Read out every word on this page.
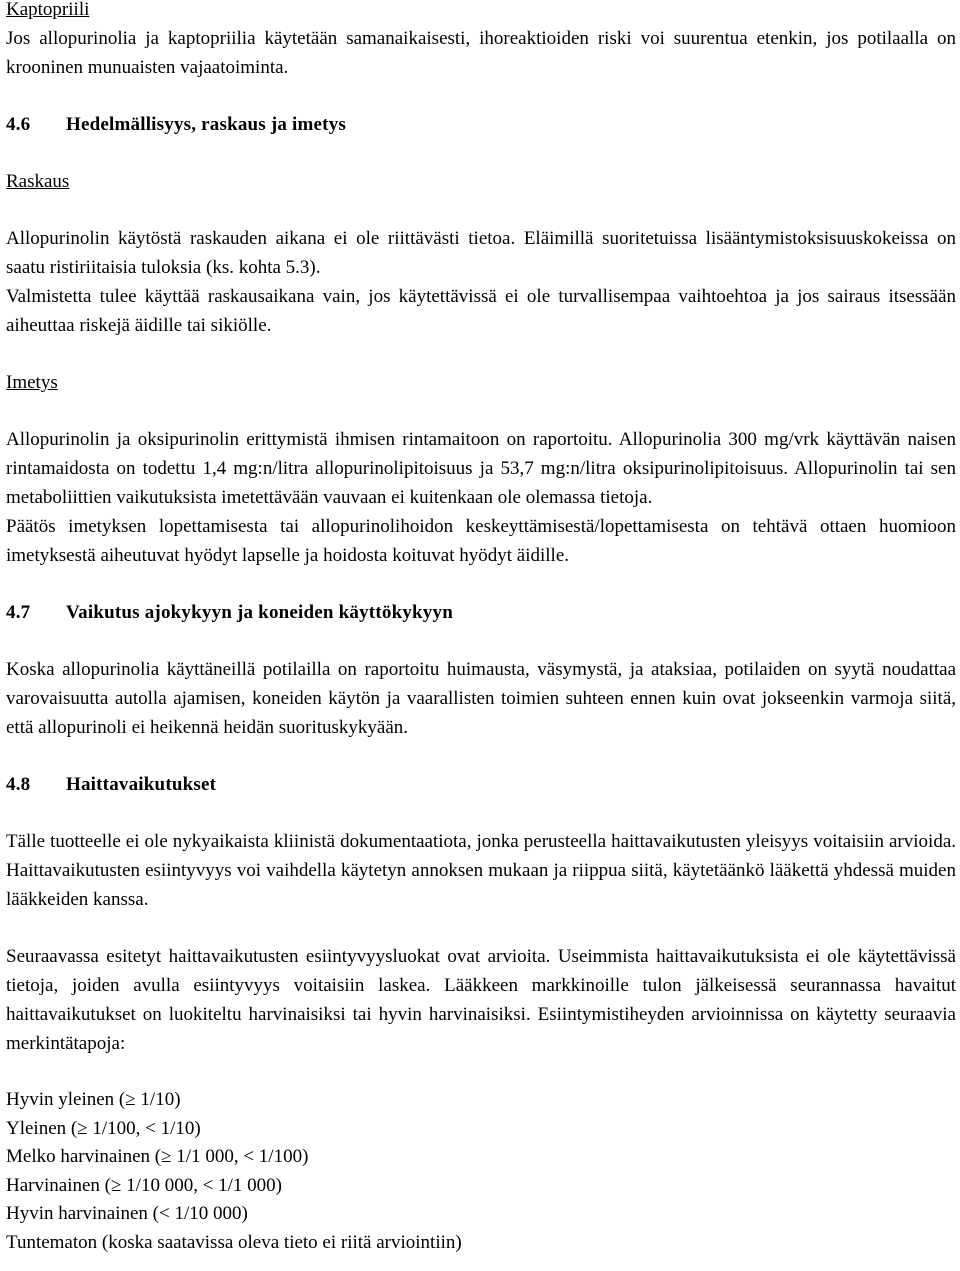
Kaptopriili

Jos allopurinolia ja kaptopriilia käytetään samanaikaisesti, ihoreaktioiden riski voi suurentua etenkin, jos potilaalla on krooninen munuaisten vajaatoiminta.

4.6 Hedelmällisyys, raskaus ja imetys

Raskaus

Allopurinolin käytöstä raskauden aikana ei ole riittävästi tietoa. Eläimillä suoritetuissa lisääntymistoksisuuskokeissa on saatu ristiriitaisia tuloksia (ks. kohta 5.3).

Valmistetta tulee käyttää raskausaikana vain, jos käytettävissä ei ole turvallisempaa vaihtoehtoa ja jos sairaus itsessään aiheuttaa riskejä äidille tai sikiölle.

Imetys

Allopurinolin ja oksipurinolin erittymistä ihmisen rintamaitoon on raportoitu. Allopurinolia 300 mg/vrk käyttävän naisen rintamaidosta on todettu 1,4 mg:n/litra allopurinolipitoisuus ja 53,7 mg:n/litra oksipurinolipitoisuus. Allopurinolin tai sen metaboliittien vaikutuksista imetettävään vauvaan ei kuitenkaan ole olemassa tietoja.

Päätös imetyksen lopettamisesta tai allopurinolihoidon keskeyttämisestä/lopettamisesta on tehtävä ottaen huomioon imetyksestä aiheutuvat hyödyt lapselle ja hoidosta koituvat hyödyt äidille.

4.7 Vaikutus ajokykyyn ja koneiden käyttökykyyn

Koska allopurinolia käyttäneillä potilailla on raportoitu huimausta, väsymystä, ja ataksiaa, potilaiden on syytä noudattaa varovaisuutta autolla ajamisen, koneiden käytön ja vaarallisten toimien suhteen ennen kuin ovat jokseenkin varmoja siitä, että allopurinoli ei heikennä heidän suorituskykyään.

4.8 Haittavaikutukset

Tälle tuotteelle ei ole nykyaikaista kliinistä dokumentaatiota, jonka perusteella haittavaikutusten yleisyys voitaisiin arvioida. Haittavaikutusten esiintyvyys voi vaihdella käytetyn annoksen mukaan ja riippua siitä, käytetäänkö lääkettä yhdessä muiden lääkkeiden kanssa.

Seuraavassa esitetyt haittavaikutusten esiintyvyysluokat ovat arvioita. Useimmista haittavaikutuksista ei ole käytettävissä tietoja, joiden avulla esiintyvyys voitaisiin laskea. Lääkkeen markkinoille tulon jälkeisessä seurannassa havaitut haittavaikutukset on luokiteltu harvinaisiksi tai hyvin harvinaisiksi. Esiintymistiheyden arvioinnissa on käytetty seuraavia merkintätapoja:

Hyvin yleinen (≥ 1/10)

Yleinen (≥ 1/100, < 1/10)

Melko harvinainen (≥ 1/1 000, < 1/100)

Harvinainen (≥ 1/10 000, < 1/1 000)

Hyvin harvinainen (< 1/10 000)

Tuntematon (koska saatavissa oleva tieto ei riitä arviointiin)
